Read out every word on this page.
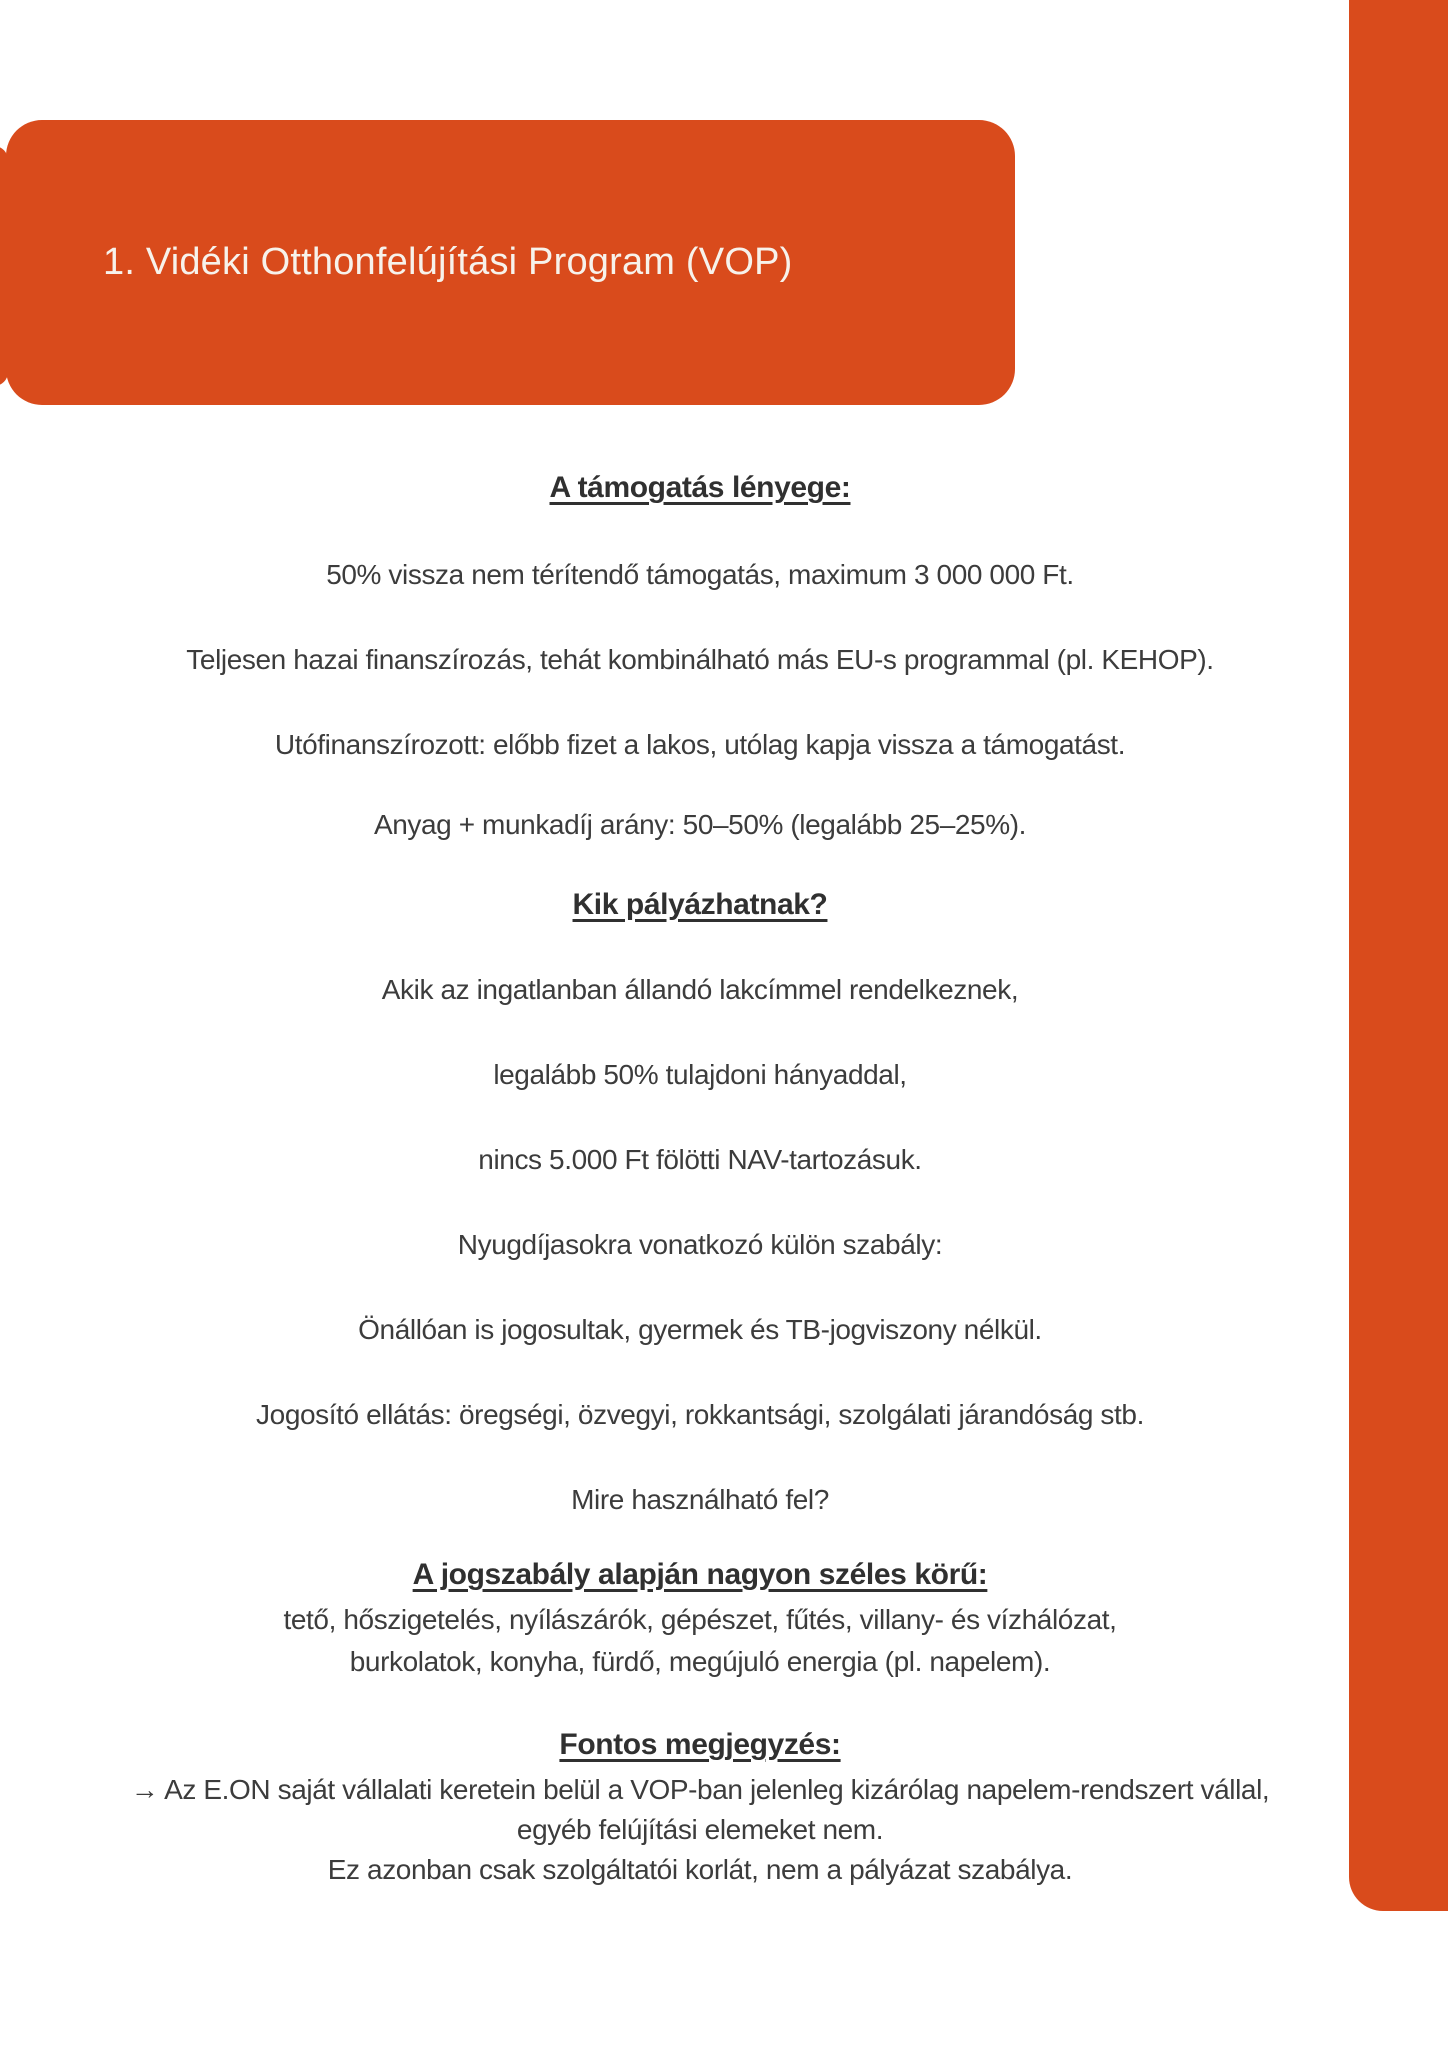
1. Vidéki Otthonfelújítási Program (VOP)

A támogatás lényege:

50% vissza nem térítendő támogatás, maximum 3 000 000 Ft.

Teljesen hazai finanszírozás, tehát kombinálható más EU-s programmal (pl. KEHOP).

Utófinanszírozott: előbb fizet a lakos, utólag kapja vissza a támogatást.

Anyag + munkadíj arány: 50–50% (legalább 25–25%).

Kik pályázhatnak?

Akik az ingatlanban állandó lakcímmel rendelkeznek,

legalább 50% tulajdoni hányaddal,

nincs 5.000 Ft fölötti NAV-tartozásuk.

Nyugdíjasokra vonatkozó külön szabály:

Önállóan is jogosultak, gyermek és TB-jogviszony nélkül.

Jogosító ellátás: öregségi, özvegyi, rokkantsági, szolgálati járandóság stb.

Mire használható fel?

A jogszabály alapján nagyon széles körű:

tető, hőszigetelés, nyílászárók, gépészet, fűtés, villany- és vízhálózat,

burkolatok, konyha, fürdő, megújuló energia (pl. napelem).

Fontos megjegyzés:

→ Az E.ON saját vállalati keretein belül a VOP-ban jelenleg kizárólag napelem-rendszert vállal,

egyéb felújítási elemeket nem.

Ez azonban csak szolgáltatói korlát, nem a pályázat szabálya.
